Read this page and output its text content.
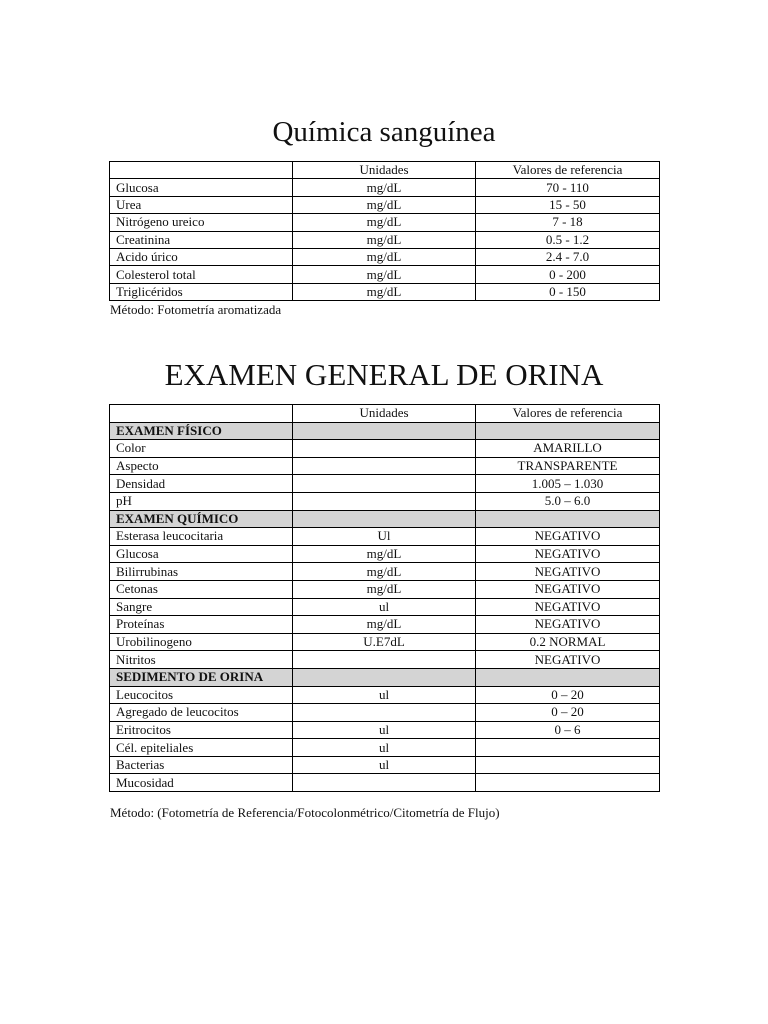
Química sanguínea
	Unidades	Valores de referencia
Glucosa	mg/dL	70 - 110
Urea	mg/dL	15 - 50
Nitrógeno ureico	mg/dL	7 - 18
Creatinina	mg/dL	0.5 - 1.2
Acido úrico	mg/dL	2.4 - 7.0
Colesterol total	mg/dL	0 - 200
Triglicéridos	mg/dL	0 - 150
Método: Fotometría aromatizada
EXAMEN GENERAL DE ORINA
	Unidades	Valores de referencia
EXAMEN FÍSICO		
Color		AMARILLO
Aspecto		TRANSPARENTE
Densidad		1.005 – 1.030
pH		5.0 – 6.0
EXAMEN QUÍMICO		
Esterasa leucocitaria	Ul	NEGATIVO
Glucosa	mg/dL	NEGATIVO
Bilirrubinas	mg/dL	NEGATIVO
Cetonas	mg/dL	NEGATIVO
Sangre	ul	NEGATIVO
Proteínas	mg/dL	NEGATIVO
Urobilinogeno	U.E7dL	0.2 NORMAL
Nitritos		NEGATIVO
SEDIMENTO DE ORINA		
Leucocitos	ul	0 – 20
Agregado de leucocitos		0 – 20
Eritrocitos	ul	0 – 6
Cél. epiteliales	ul	
Bacterias	ul	
Mucosidad		
Método: (Fotometría de Referencia/Fotocolonmétrico/Citometría de Flujo)
